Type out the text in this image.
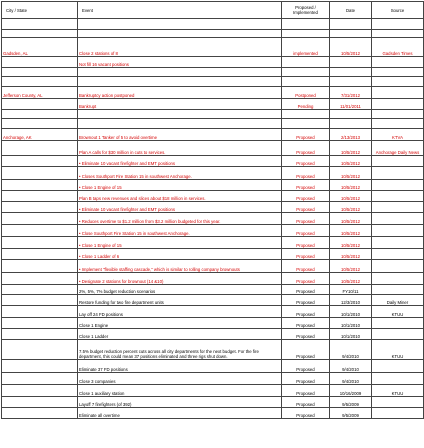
City / State	Event	Proposed / Implemented	Date	Source

Gadsden, AL	Close 2 stations of 8	implemented	10/5/2012	Gadsden Times
	Not fill 16 vacant positions			

Jefferson County, AL	Bankruptcy action postponed	Postponed	7/31/2012	
	Bankrupt	Pending	11/01/2011	

Anchorage, AK	Brownout 1 Tanker of 5 to avoid overtime	Proposed	2/13/2013	KTVA
	Plan A calls for $30 million in cuts to services.	Proposed	10/5/2012	Anchorage Daily News
	• Eliminate 10 vacant firefighter and EMT positions	Proposed	10/5/2012	
	• Closes Southport Fire Station 15 in southwest Anchorage.	Proposed	10/5/2012	
	• Close 1 Engine of 15	Proposed	10/5/2012	
	Plan B taps new revenues and slices about $18 million in services.	Proposed	10/5/2012	
	• Eliminate 10 vacant firefighter and EMT positions	Proposed	10/5/2012	
	• Reduces overtime to $1.2 million from $3.2 million budgeted for this year.	Proposed	10/5/2012	
	• Close Southport Fire Station 15 in southwest Anchorage.	Proposed	10/5/2012	
	• Close 1 Engine of 15	Proposed	10/5/2012	
	• Close 1 Ladder of 6	Proposed	10/5/2012	
	• Implement "flexible staffing cascade," which is similar to rolling company brownouts	Proposed	10/5/2012	
	• Designate 2 stations for brownout (14 &10)	Proposed	10/5/2012	
	2%, 5%, 7% budget reduction scenarios	Proposed	FY10/11	
	Restore funding for two fire department units	Proposed	12/3/2010	Daily Miner
	Lay off 24 FD positions	Proposed	10/1/2010	KTUU
	Close 1 Engine	Proposed	10/1/2010	
	Close 1 Ladder	Proposed	10/1/2010	
	7.5% budget reduction percent cuts across all city departments for the next budget. For the fire department, this could mean 37 positions eliminated and three rigs shut down.	Proposed	9/4/2010	KTUU
	Eliminate 37 FD positions	Proposed	9/4/2010	
	Close 3 companies	Proposed	9/4/2010	
	Close 1 auxiliary station	Proposed	10/16/2009	KTUU
	Layoff 7 firefighters (of 392)	Proposed	9/5/2009	
	Eliminate all overtime	Proposed	9/5/2009	
